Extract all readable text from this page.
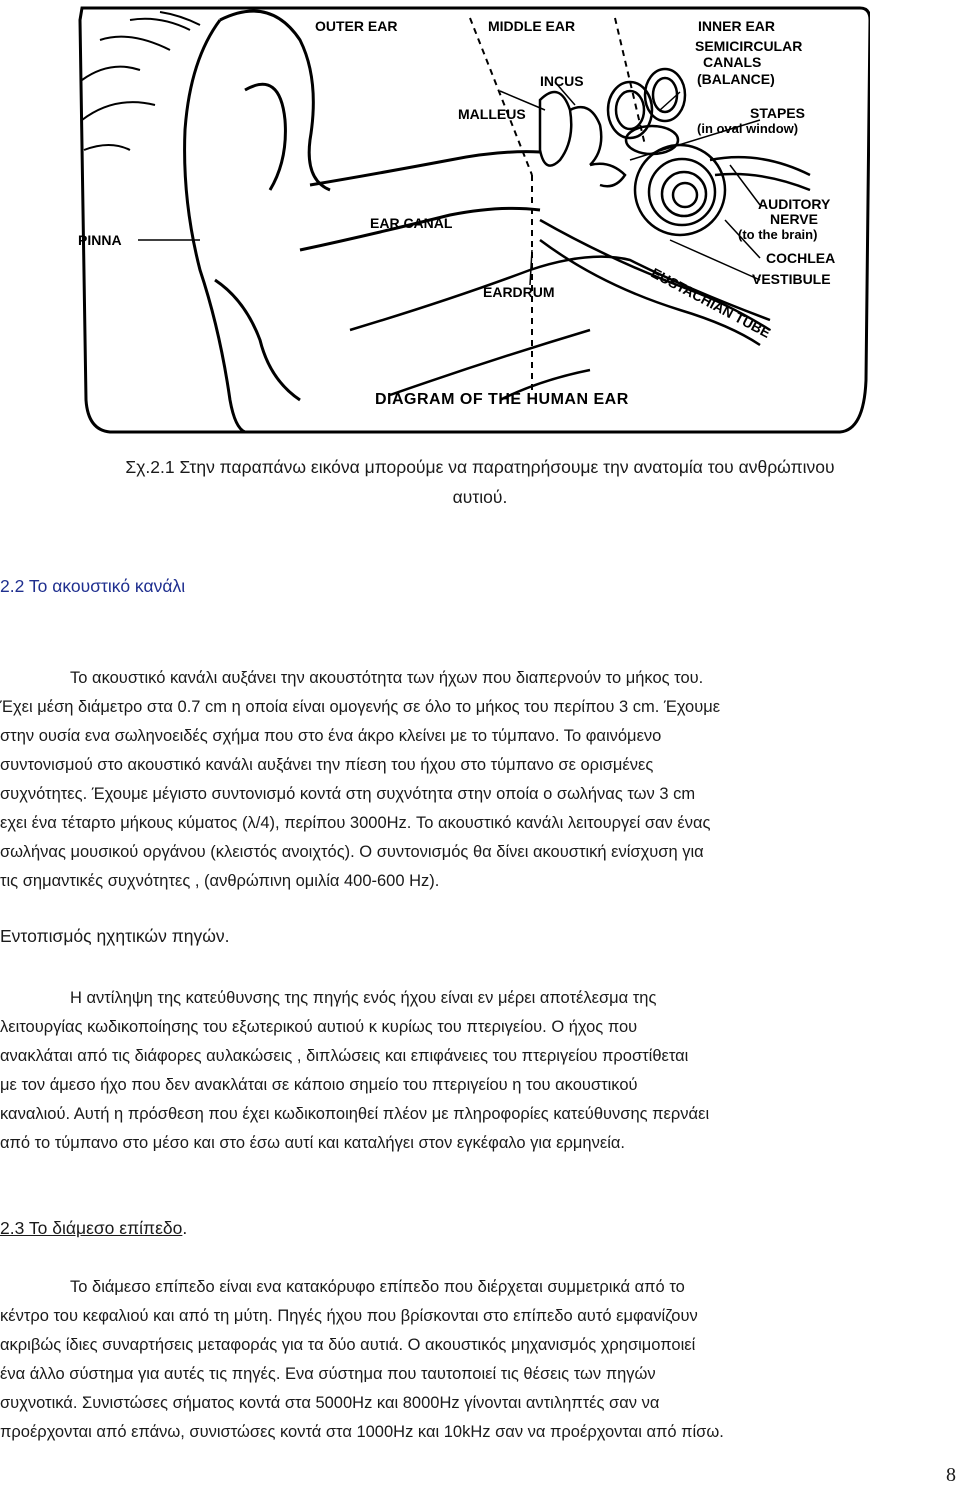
OUTER EAR	MIDDLE EAR	INNER EAR
SEMICIRCULAR
CANALS
(BALANCE)
INCUS
MALLEUS	STAPES
(in oval window)
EAR CANAL
AUDITORY
NERVE
(to the brain)
PINNA
COCHLEA
VESTIBULE
EUSTACHIAN TUBE
EARDRUM
DIAGRAM OF THE HUMAN EAR
Σχ.2.1 Στην παραπάνω εικόνα μπορούμε να παρατηρήσουμε την ανατομία του ανθρώπινου
αυτιού.
2.2 Το ακουστικό κανάλι

Το ακουστικό κανάλι αυξάνει την ακουστότητα των ήχων που διαπερνούν το μήκος του.

Έχει μέση διάμετρο στα 0.7 cm η οποία είναι ομογενής σε όλο το μήκος του περίπου 3 cm. Έχουμε

στην ουσία ενα σωληνοειδές σχήμα που στο ένα άκρο κλείνει με το τύμπανο. Το φαινόμενο

συντονισμού στο ακουστικό κανάλι αυξάνει την πίεση του ήχου στο τύμπανο σε ορισμένες

συχνότητες. Έχουμε μέγιστο συντονισμό κοντά στη συχνότητα στην οποία ο σωλήνας των 3 cm

εχει ένα τέταρτο μήκους κύματος (λ/4), περίπου 3000Hz. Το ακουστικό κανάλι λειτουργεί σαν ένας

σωλήνας μουσικού οργάνου (κλειστός ανοιχτός). Ο συντονισμός θα δίνει ακουστική ενίσχυση για

τις σημαντικές συχνότητες , (ανθρώπινη ομιλία 400-600 Hz).

Εντοπισμός ηχητικών πηγών.

Η αντίληψη της κατεύθυνσης της πηγής ενός ήχου είναι εν μέρει αποτέλεσμα της

λειτουργίας κωδικοποίησης του εξωτερικού αυτιού κ κυρίως του πτεριγείου. Ο ήχος που

ανακλάται από τις διάφορες αυλακώσεις , διπλώσεις και επιφάνειες του πτεριγείου προστίθεται

με τον άμεσο ήχο που δεν ανακλάται σε κάποιο σημείο του πτεριγείου η του ακουστικού

καναλιού. Αυτή η πρόσθεση που έχει κωδικοποιηθεί πλέον με πληροφορίες κατεύθυνσης περνάει

από το τύμπανο στο μέσο και στο έσω αυτί και καταλήγει στον εγκέφαλο για ερμηνεία.

2.3 Το διάμεσο επίπεδο.

Το διάμεσο επίπεδο είναι ενα κατακόρυφο επίπεδο που διέρχεται συμμετρικά από το

κέντρο του κεφαλιού και από τη μύτη. Πηγές ήχου που βρίσκονται στο επίπεδο αυτό εμφανίζουν

ακριβώς ίδιες συναρτήσεις μεταφοράς για τα δύο αυτιά. Ο ακουστικός μηχανισμός χρησιμοποιεί

ένα άλλο σύστημα για αυτές τις πηγές. Ενα σύστημα που ταυτοποιεί τις θέσεις των πηγών

συχνοτικά. Συνιστώσες σήματος κοντά στα 5000Hz και 8000Hz γίνονται αντιληπτές σαν να

προέρχονται από επάνω, συνιστώσες κοντά στα 1000Hz και 10kHz σαν να προέρχονται από πίσω.

8
